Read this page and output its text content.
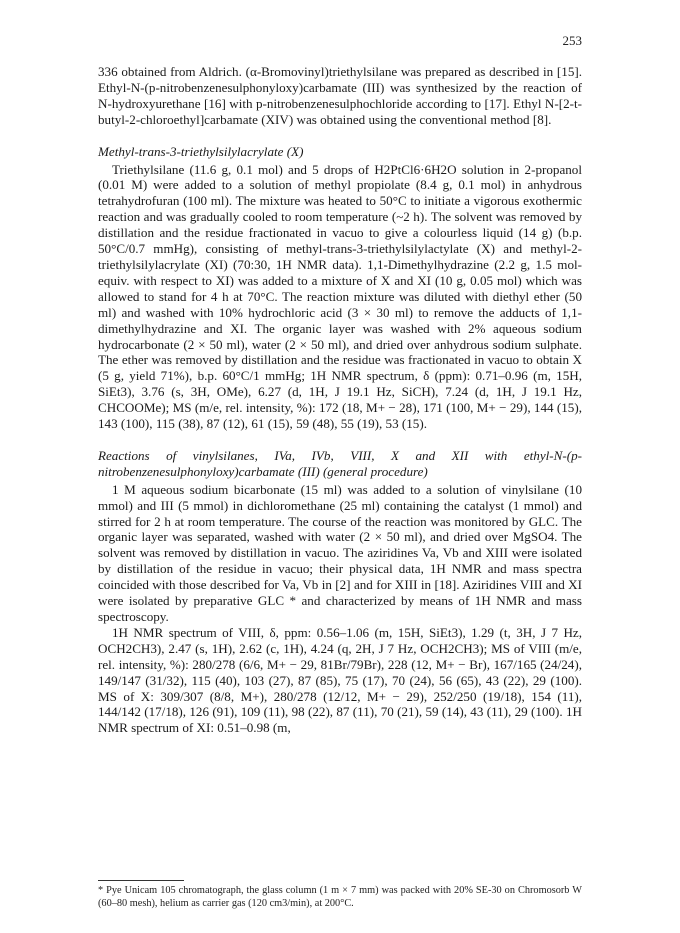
253

336 obtained from Aldrich. (α-Bromovinyl)triethylsilane was prepared as described in [15]. Ethyl-N-(p-nitrobenzenesulphonyloxy)carbamate (III) was synthesized by the reaction of N-hydroxyurethane [16] with p-nitrobenzenesulphochloride according to [17]. Ethyl N-[2-t-butyl-2-chloroethyl]carbamate (XIV) was obtained using the conventional method [8].

Methyl-trans-3-triethylsilylacrylate (X)

Triethylsilane (11.6 g, 0.1 mol) and 5 drops of H2PtCl6·6H2O solution in 2-propanol (0.01 M) were added to a solution of methyl propiolate (8.4 g, 0.1 mol) in anhydrous tetrahydrofuran (100 ml). The mixture was heated to 50°C to initiate a vigorous exothermic reaction and was gradually cooled to room temperature (~2 h). The solvent was removed by distillation and the residue fractionated in vacuo to give a colourless liquid (14 g) (b.p. 50°C/0.7 mmHg), consisting of methyl-trans-3-triethylsilylactylate (X) and methyl-2-triethylsilylacrylate (XI) (70:30, 1H NMR data). 1,1-Dimethylhydrazine (2.2 g, 1.5 mol-equiv. with respect to XI) was added to a mixture of X and XI (10 g, 0.05 mol) which was allowed to stand for 4 h at 70°C. The reaction mixture was diluted with diethyl ether (50 ml) and washed with 10% hydrochloric acid (3 × 30 ml) to remove the adducts of 1,1-dimethylhydrazine and XI. The organic layer was washed with 2% aqueous sodium hydrocarbonate (2 × 50 ml), water (2 × 50 ml), and dried over anhydrous sodium sulphate. The ether was removed by distillation and the residue was fractionated in vacuo to obtain X (5 g, yield 71%), b.p. 60°C/1 mmHg; 1H NMR spectrum, δ (ppm): 0.71–0.96 (m, 15H, SiEt3), 3.76 (s, 3H, OMe), 6.27 (d, 1H, J 19.1 Hz, SiCH), 7.24 (d, 1H, J 19.1 Hz, CHCOOMe); MS (m/e, rel. intensity, %): 172 (18, M+ − 28), 171 (100, M+ − 29), 144 (15), 143 (100), 115 (38), 87 (12), 61 (15), 59 (48), 55 (19), 53 (15).

Reactions of vinylsilanes, IVa, IVb, VIII, X and XII with ethyl-N-(p-nitrobenzenesulphonyloxy)carbamate (III) (general procedure)

1 M aqueous sodium bicarbonate (15 ml) was added to a solution of vinylsilane (10 mmol) and III (5 mmol) in dichloromethane (25 ml) containing the catalyst (1 mmol) and stirred for 2 h at room temperature. The course of the reaction was monitored by GLC. The organic layer was separated, washed with water (2 × 50 ml), and dried over MgSO4. The solvent was removed by distillation in vacuo. The aziridines Va, Vb and XIII were isolated by distillation of the residue in vacuo; their physical data, 1H NMR and mass spectra coincided with those described for Va, Vb in [2] and for XIII in [18]. Aziridines VIII and XI were isolated by preparative GLC * and characterized by means of 1H NMR and mass spectroscopy.

1H NMR spectrum of VIII, δ, ppm: 0.56–1.06 (m, 15H, SiEt3), 1.29 (t, 3H, J 7 Hz, OCH2CH3), 2.47 (s, 1H), 2.62 (c, 1H), 4.24 (q, 2H, J 7 Hz, OCH2CH3); MS of VIII (m/e, rel. intensity, %): 280/278 (6/6, M+ − 29, 81Br/79Br), 228 (12, M+ − Br), 167/165 (24/24), 149/147 (31/32), 115 (40), 103 (27), 87 (85), 75 (17), 70 (24), 56 (65), 43 (22), 29 (100). MS of X: 309/307 (8/8, M+), 280/278 (12/12, M+ − 29), 252/250 (19/18), 154 (11), 144/142 (17/18), 126 (91), 109 (11), 98 (22), 87 (11), 70 (21), 59 (14), 43 (11), 29 (100). 1H NMR spectrum of XI: 0.51–0.98 (m,

* Pye Unicam 105 chromatograph, the glass column (1 m × 7 mm) was packed with 20% SE-30 on Chromosorb W (60–80 mesh), helium as carrier gas (120 cm3/min), at 200°C.
